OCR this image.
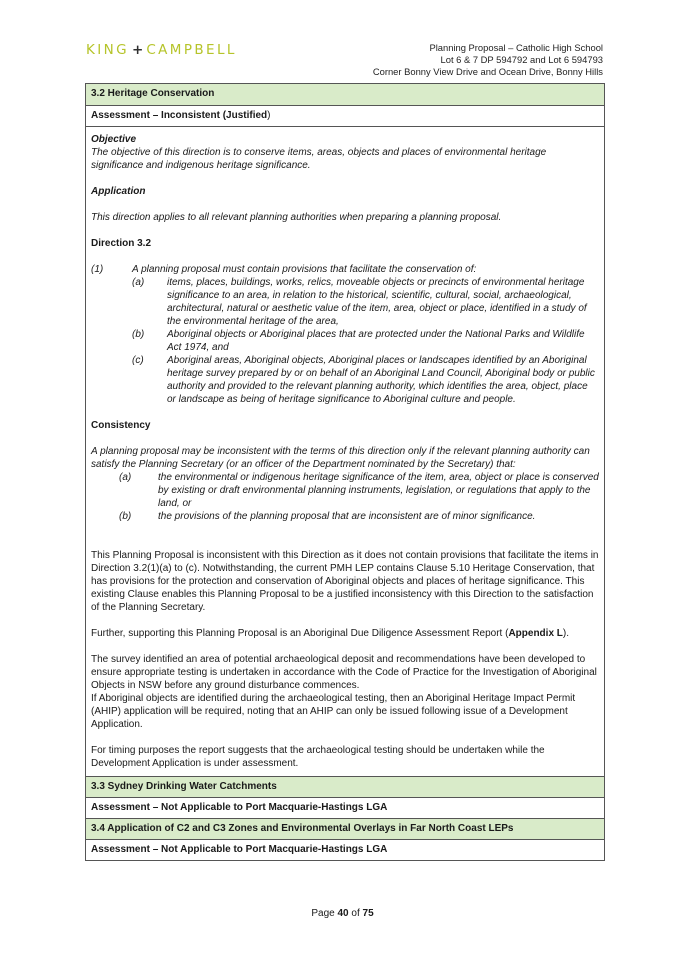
KING + CAMPBELL	Planning Proposal – Catholic High School
Lot 6 & 7 DP 594792 and Lot 6 594793
Corner Bonny View Drive and Ocean Drive, Bonny Hills
3.2 Heritage Conservation
Assessment – Inconsistent (Justified)

Objective

The objective of this direction is to conserve items, areas, objects and places of environmental heritage significance and indigenous heritage significance.

Application

This direction applies to all relevant planning authorities when preparing a planning proposal.

Direction 3.2

(1)	A planning proposal must contain provisions that facilitate the conservation of:
(a)	items, places, buildings, works, relics, moveable objects or precincts of environmental heritage significance to an area, in relation to the historical, scientific, cultural, social, archaeological, architectural, natural or aesthetic value of the item, area, object or place, identified in a study of the environmental heritage of the area,
(b)	Aboriginal objects or Aboriginal places that are protected under the National Parks and Wildlife Act 1974, and
(c)	Aboriginal areas, Aboriginal objects, Aboriginal places or landscapes identified by an Aboriginal heritage survey prepared by or on behalf of an Aboriginal Land Council, Aboriginal body or public authority and provided to the relevant planning authority, which identifies the area, object, place or landscape as being of heritage significance to Aboriginal culture and people.

Consistency

A planning proposal may be inconsistent with the terms of this direction only if the relevant planning authority can satisfy the Planning Secretary (or an officer of the Department nominated by the Secretary) that:

(a)	the environmental or indigenous heritage significance of the item, area, object or place is conserved by existing or draft environmental planning instruments, legislation, or regulations that apply to the land, or
(b)	the provisions of the planning proposal that are inconsistent are of minor significance.

This Planning Proposal is inconsistent with this Direction as it does not contain provisions that facilitate the items in Direction 3.2(1)(a) to (c). Notwithstanding, the current PMH LEP contains Clause 5.10 Heritage Conservation, that has provisions for the protection and conservation of Aboriginal objects and places of heritage significance. This existing Clause enables this Planning Proposal to be a justified inconsistency with this Direction to the satisfaction of the Planning Secretary.

Further, supporting this Planning Proposal is an Aboriginal Due Diligence Assessment Report (Appendix L).

The survey identified an area of potential archaeological deposit and recommendations have been developed to ensure appropriate testing is undertaken in accordance with the Code of Practice for the Investigation of Aboriginal Objects in NSW before any ground disturbance commences.

If Aboriginal objects are identified during the archaeological testing, then an Aboriginal Heritage Impact Permit (AHIP) application will be required, noting that an AHIP can only be issued following issue of a Development Application.

For timing purposes the report suggests that the archaeological testing should be undertaken while the Development Application is under assessment.

3.3 Sydney Drinking Water Catchments
Assessment – Not Applicable to Port Macquarie-Hastings LGA
3.4 Application of C2 and C3 Zones and Environmental Overlays in Far North Coast LEPs
Assessment – Not Applicable to Port Macquarie-Hastings LGA
Page 40 of 75
